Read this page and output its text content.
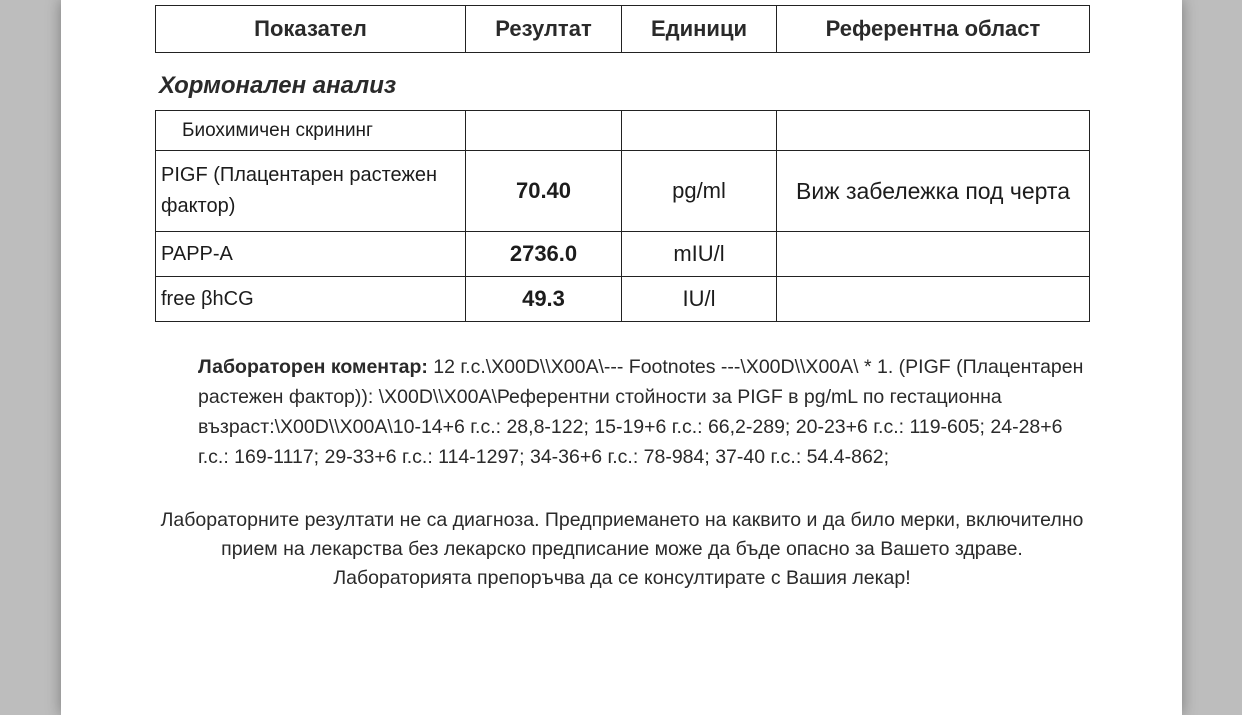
Показател	Резултат	Единици	Референтна област
Хормонален анализ
Биохимичен скрининг			
PIGF (Плацентарен растежен фактор)	70.40	pg/ml	Виж забележка под черта
PAPP-A	2736.0	mIU/l	
free βhCG	49.3	IU/l	
Лабораторен коментар: 12 г.с.\X00D\\X00A\--- Footnotes ---\X00D\\X00A\ * 1. (PIGF (Плацентарен растежен фактор)): \X00D\\X00A\Референтни стойности за PIGF в pg/mL по гестационна възраст:\X00D\\X00A\10-14+6 г.с.: 28,8-122; 15-19+6 г.с.: 66,2-289; 20-23+6 г.с.: 119-605; 24-28+6 г.с.: 169-1117; 29-33+6 г.с.: 114-1297; 34-36+6 г.с.: 78-984; 37-40 г.с.: 54.4-862;
Лабораторните резултати не са диагноза. Предприемането на каквито и да било мерки, включително прием на лекарства без лекарско предписание може да бъде опасно за Вашето здраве. Лабораторията препоръчва да се консултирате с Вашия лекар!
